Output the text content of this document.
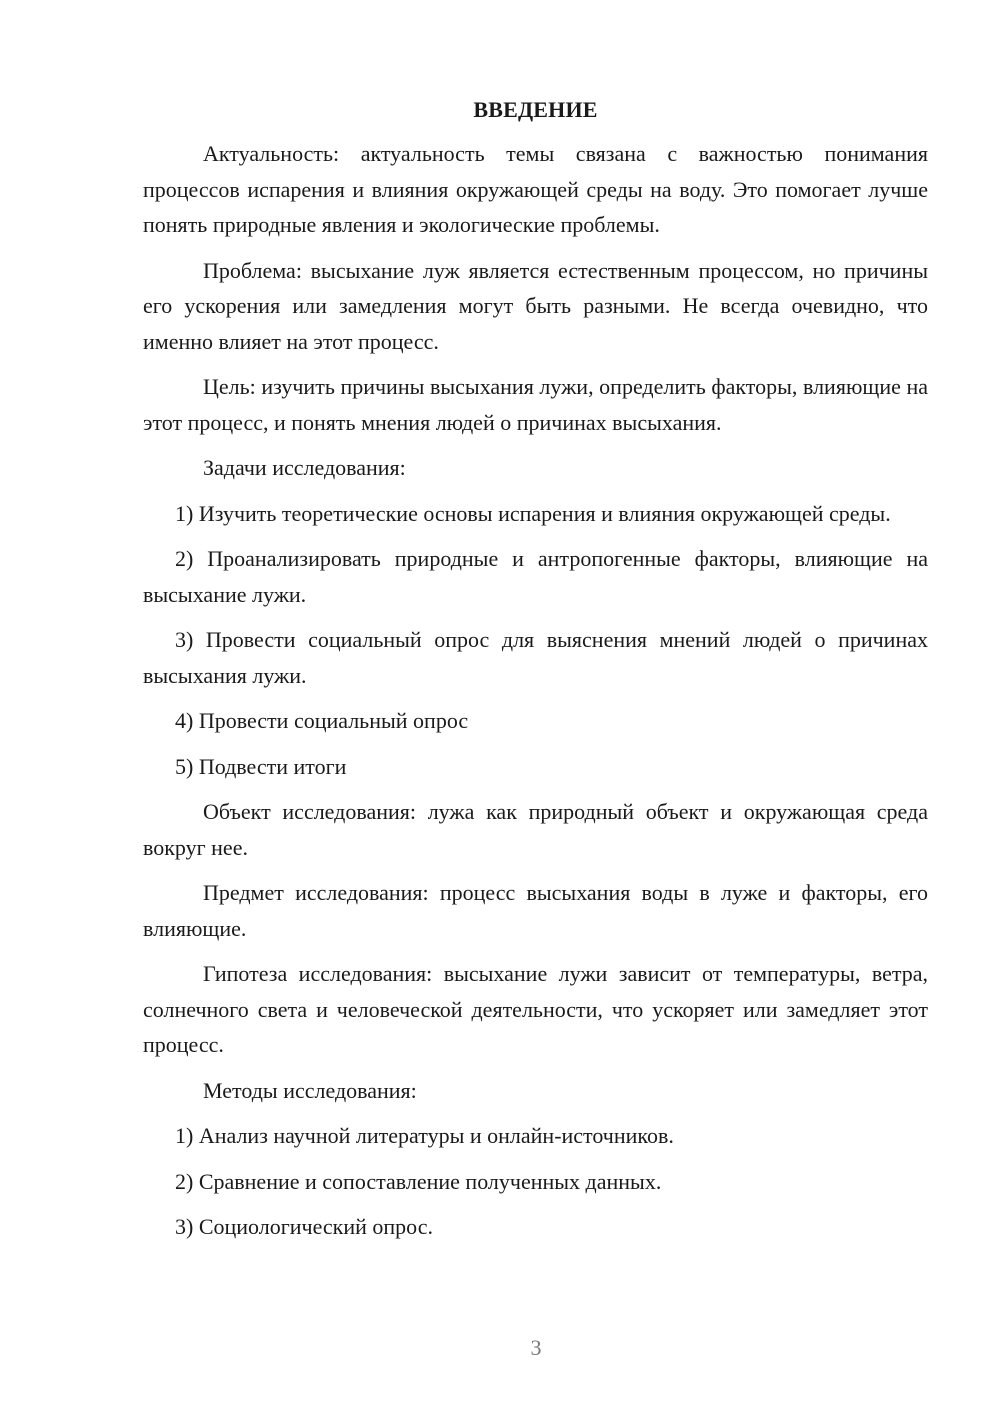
ВВЕДЕНИЕ

Актуальность: актуальность темы связана с важностью понимания процессов испарения и влияния окружающей среды на воду. Это помогает лучше понять природные явления и экологические проблемы.

Проблема: высыхание луж является естественным процессом, но причины его ускорения или замедления могут быть разными. Не всегда очевидно, что именно влияет на этот процесс.

Цель: изучить причины высыхания лужи, определить факторы, влияющие на этот процесс, и понять мнения людей о причинах высыхания.

Задачи исследования:

1) Изучить теоретические основы испарения и влияния окружающей среды.

2) Проанализировать природные и антропогенные факторы, влияющие на высыхание лужи.

3) Провести социальный опрос для выяснения мнений людей о причинах высыхания лужи.

4) Провести социальный опрос

5) Подвести итоги

Объект исследования: лужа как природный объект и окружающая среда вокруг нее.

Предмет исследования: процесс высыхания воды в луже и факторы, его влияющие.

Гипотеза исследования: высыхание лужи зависит от температуры, ветра, солнечного света и человеческой деятельности, что ускоряет или замедляет этот процесс.

Методы исследования:

1) Анализ научной литературы и онлайн-источников.

2) Сравнение и сопоставление полученных данных.

3) Социологический опрос.

3
